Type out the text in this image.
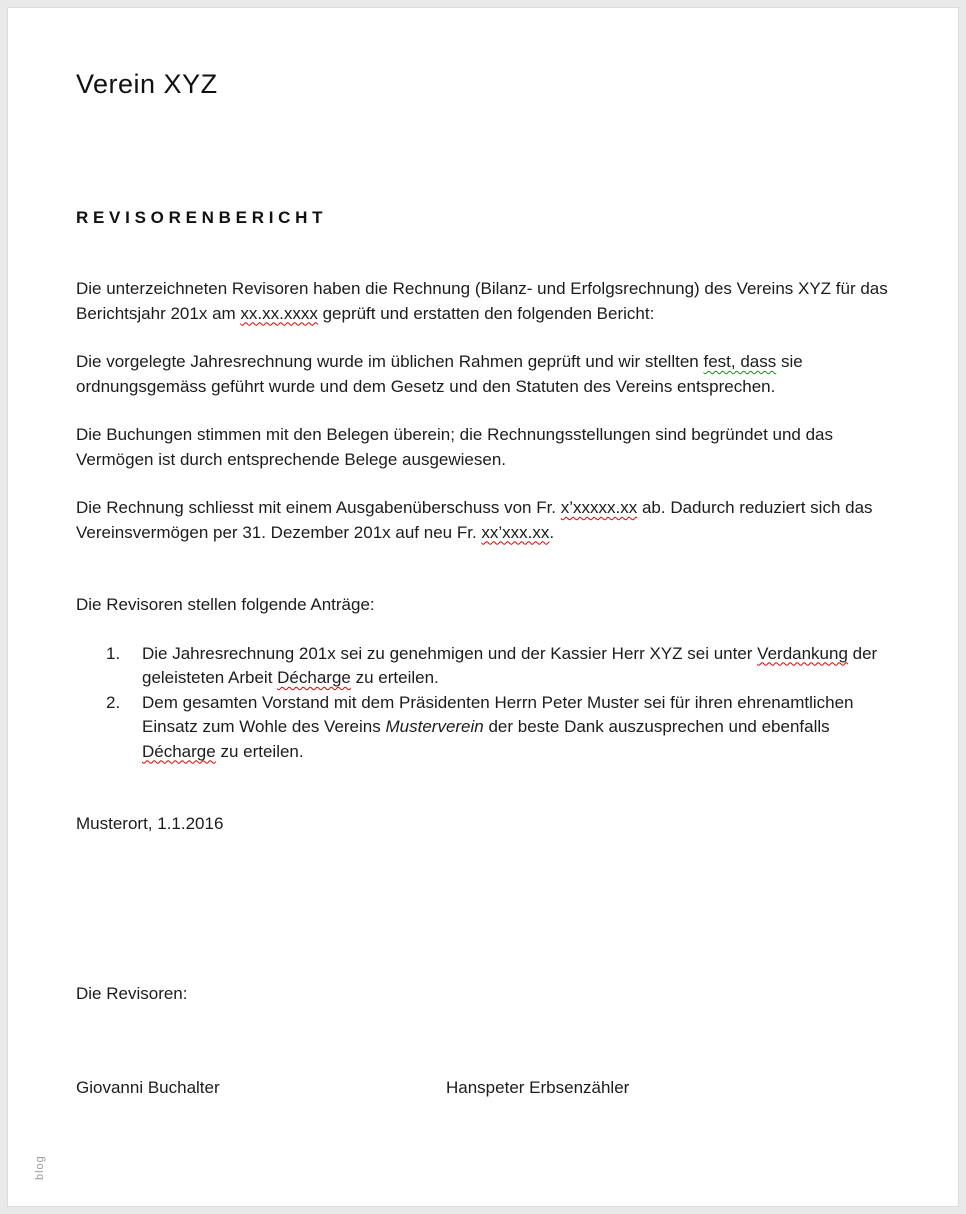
Verein XYZ
R E V I S O R E N B E R I C H T

Die unterzeichneten Revisoren haben die Rechnung (Bilanz- und Erfolgsrechnung) des Vereins XYZ für das Berichtsjahr 201x am xx.xx.xxxx geprüft und erstatten den folgenden Bericht:

Die vorgelegte Jahresrechnung wurde im üblichen Rahmen geprüft und wir stellten fest, dass sie ordnungsgemäss geführt wurde und dem Gesetz und den Statuten des Vereins entsprechen.

Die Buchungen stimmen mit den Belegen überein; die Rechnungsstellungen sind begründet und das Vermögen ist durch entsprechende Belege ausgewiesen.

Die Rechnung schliesst mit einem Ausgabenüberschuss von Fr. x’xxxxx.xx ab. Dadurch reduziert sich das Vereinsvermögen per 31. Dezember 201x auf neu Fr. xx’xxx.xx.

Die Revisoren stellen folgende Anträge:

1.	Die Jahresrechnung 201x sei zu genehmigen und der Kassier Herr XYZ sei unter Verdankung der geleisteten Arbeit Décharge zu erteilen.
2.	Dem gesamten Vorstand mit dem Präsidenten Herrn Peter Muster sei für ihren ehrenamtlichen Einsatz zum Wohle des Vereins Musterverein der beste Dank auszusprechen und ebenfalls Décharge zu erteilen.

Musterort, 1.1.2016

Die Revisoren:

Giovanni Buchalter	Hanspeter Erbsenzähler
blog
